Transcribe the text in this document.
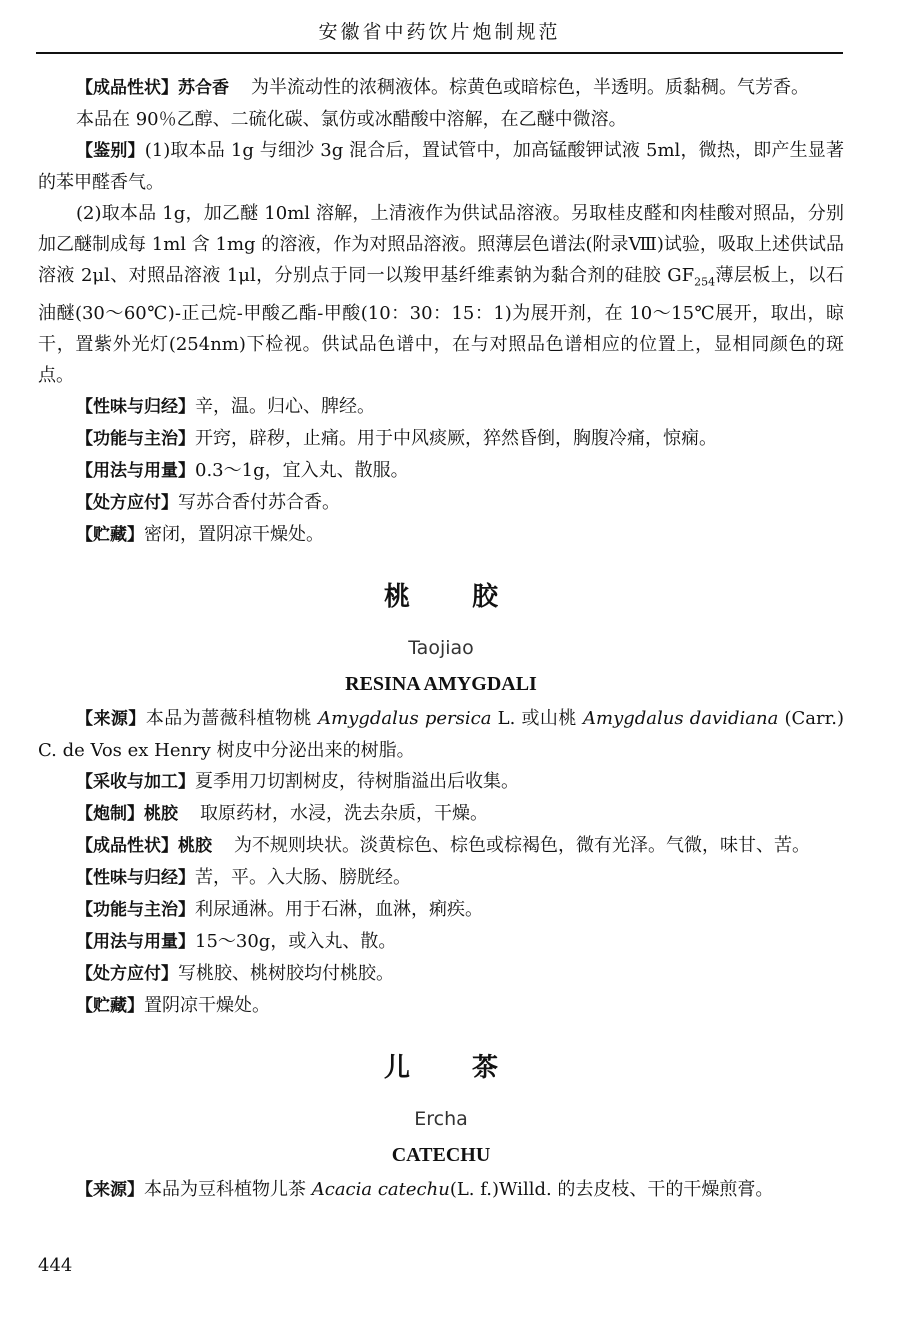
安徽省中药饮片炮制规范

【成品性状】苏合香 为半流动性的浓稠液体。棕黄色或暗棕色，半透明。质黏稠。气芳香。

本品在 90％乙醇、二硫化碳、氯仿或冰醋酸中溶解，在乙醚中微溶。

【鉴别】(1)取本品 1g 与细沙 3g 混合后，置试管中，加高锰酸钾试液 5ml，微热，即产生显著的苯甲醛香气。

(2)取本品 1g，加乙醚 10ml 溶解，上清液作为供试品溶液。另取桂皮醛和肉桂酸对照品，分别加乙醚制成每 1ml 含 1mg 的溶液，作为对照品溶液。照薄层色谱法(附录Ⅷ)试验，吸取上述供试品溶液 2μl、对照品溶液 1μl，分别点于同一以羧甲基纤维素钠为黏合剂的硅胶 $GF_{254}$薄层板上，以石油醚(30～60℃)-正己烷-甲酸乙酯-甲酸(10：30：15：1)为展开剂，在 10～15℃展开，取出，晾干，置紫外光灯(254nm)下检视。供试品色谱中，在与对照品色谱相应的位置上，显相同颜色的斑点。

【性味与归经】辛，温。归心、脾经。

【功能与主治】开窍，辟秽，止痛。用于中风痰厥，猝然昏倒，胸腹冷痛，惊痫。

【用法与用量】0.3～1g，宜入丸、散服。

【处方应付】写苏合香付苏合香。

【贮藏】密闭，置阴凉干燥处。

桃胶
Taojiao
RESINA AMYGDALI

【来源】本品为蔷薇科植物桃 Amygdalus persica L. 或山桃 Amygdalus davidiana (Carr.) C. de Vos ex Henry 树皮中分泌出来的树脂。

【采收与加工】夏季用刀切割树皮，待树脂溢出后收集。

【炮制】桃胶 取原药材，水浸，洗去杂质，干燥。

【成品性状】桃胶 为不规则块状。淡黄棕色、棕色或棕褐色，微有光泽。气微，味甘、苦。

【性味与归经】苦，平。入大肠、膀胱经。

【功能与主治】利尿通淋。用于石淋，血淋，痢疾。

【用法与用量】15～30g，或入丸、散。

【处方应付】写桃胶、桃树胶均付桃胶。

【贮藏】置阴凉干燥处。

儿茶
Ercha
CATECHU

【来源】本品为豆科植物儿茶 Acacia catechu(L. f.)Willd. 的去皮枝、干的干燥煎膏。

444
